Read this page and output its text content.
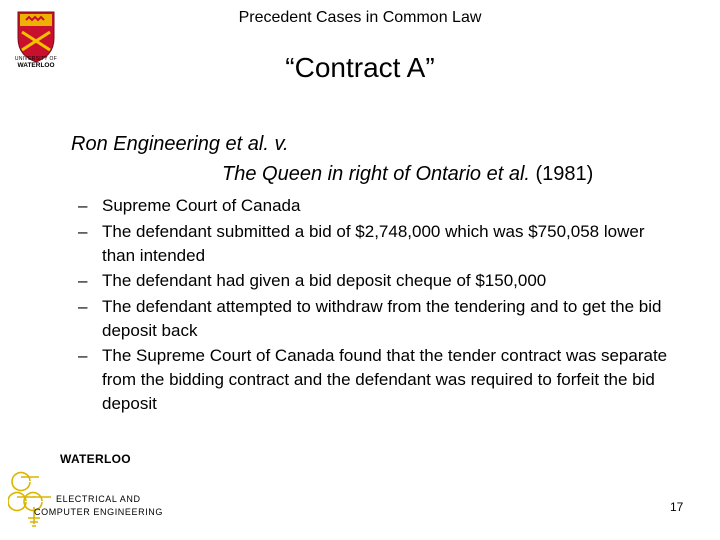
UNIVERSITY OF
WATERLOO
Precedent Cases in Common Law
“Contract A”
Ron Engineering et al. v.
The Queen in right of Ontario et al. (1981)
– Supreme Court of Canada
– The defendant submitted a bid of $2,748,000 which was $750,058 lower than intended
– The defendant had given a bid deposit cheque of $150,000
– The defendant attempted to withdraw from the tendering and to get the bid deposit back
– The Supreme Court of Canada found that the tender contract was separate from the bidding contract and the defendant was required to forfeit the bid deposit
WATERLOO
ELECTRICAL AND
COMPUTER ENGINEERING	17
